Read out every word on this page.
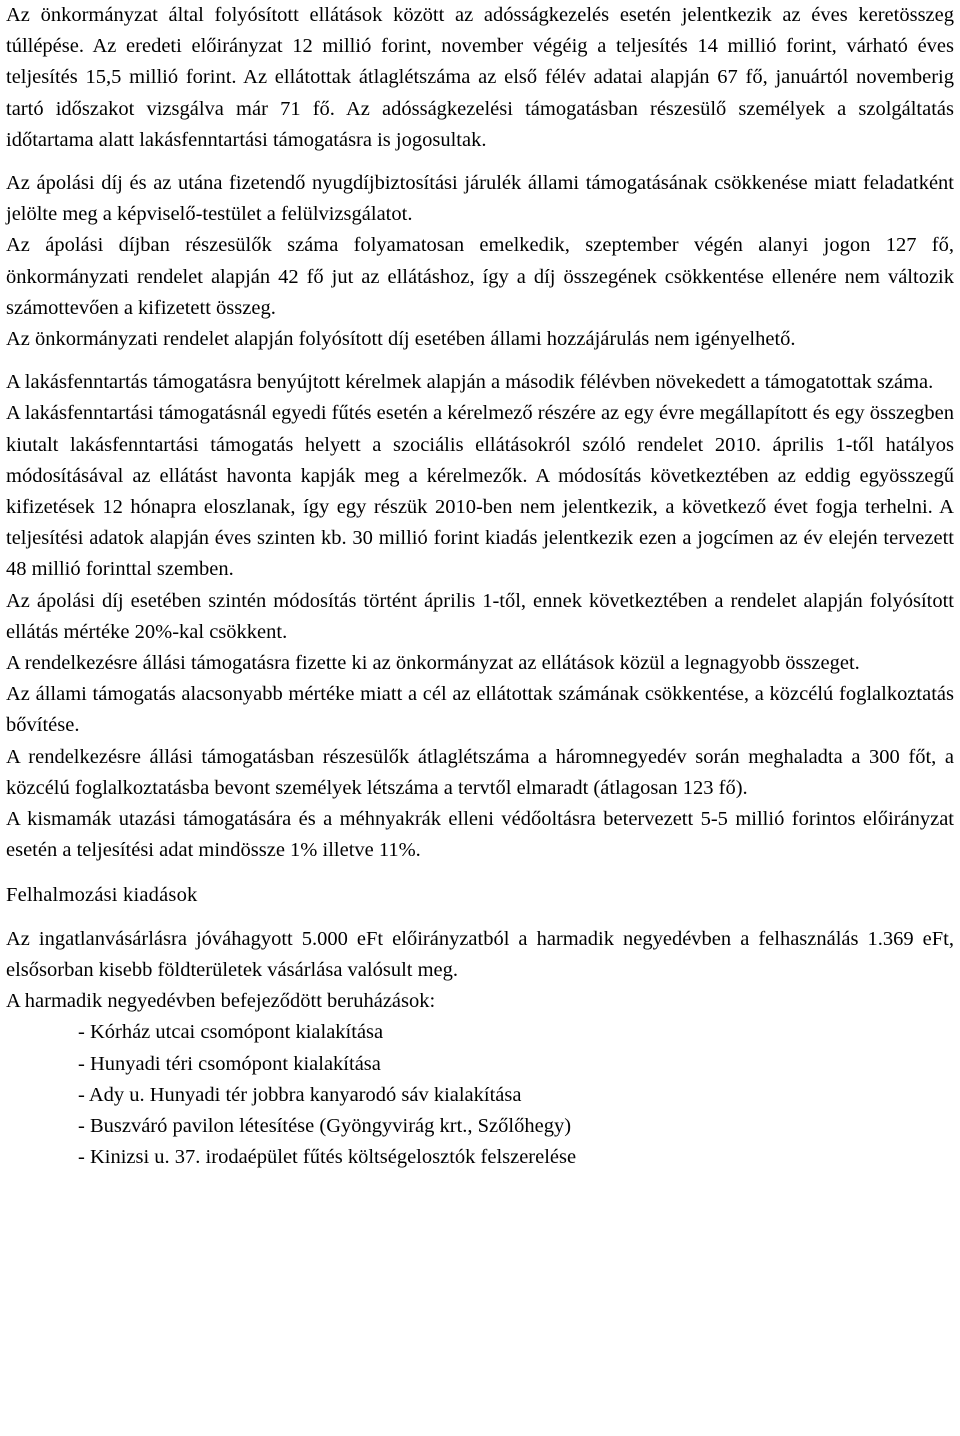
Az önkormányzat által folyósított ellátások között az adósságkezelés esetén jelentkezik az éves keretösszeg túllépése. Az eredeti előirányzat 12 millió forint, november végéig a teljesítés 14 millió forint, várható éves teljesítés 15,5 millió forint. Az ellátottak átlaglétszáma az első félév adatai alapján 67 fő, januártól novemberig tartó időszakot vizsgálva már 71 fő. Az adósságkezelési támogatásban részesülő személyek a szolgáltatás időtartama alatt lakásfenntartási támogatásra is jogosultak.

Az ápolási díj és az utána fizetendő nyugdíjbiztosítási járulék állami támogatásának csökkenése miatt feladatként jelölte meg a képviselő-testület a felülvizsgálatot.

Az ápolási díjban részesülők száma folyamatosan emelkedik, szeptember végén alanyi jogon 127 fő, önkormányzati rendelet alapján 42 fő jut az ellátáshoz, így a díj összegének csökkentése ellenére nem változik számottevően a kifizetett összeg.

Az önkormányzati rendelet alapján folyósított díj esetében állami hozzájárulás nem igényelhető.

A lakásfenntartás támogatásra benyújtott kérelmek alapján a második félévben növekedett a támogatottak száma.

A lakásfenntartási támogatásnál egyedi fűtés esetén a kérelmező részére az egy évre megállapított és egy összegben kiutalt lakásfenntartási támogatás helyett a szociális ellátásokról szóló rendelet 2010. április 1-től hatályos módosításával az ellátást havonta kapják meg a kérelmezők. A módosítás következtében az eddig egyösszegű kifizetések 12 hónapra eloszlanak, így egy részük 2010-ben nem jelentkezik, a következő évet fogja terhelni. A teljesítési adatok alapján éves szinten kb. 30 millió forint kiadás jelentkezik ezen a jogcímen az év elején tervezett 48 millió forinttal szemben.

Az ápolási díj esetében szintén módosítás történt április 1-től, ennek következtében a rendelet alapján folyósított ellátás mértéke 20%-kal csökkent.

A rendelkezésre állási támogatásra fizette ki az önkormányzat az ellátások közül a legnagyobb összeget.

Az állami támogatás alacsonyabb mértéke miatt a cél az ellátottak számának csökkentése, a közcélú foglalkoztatás bővítése.

A rendelkezésre állási támogatásban részesülők átlaglétszáma a háromnegyedév során meghaladta a 300 főt, a közcélú foglalkoztatásba bevont személyek létszáma a tervtől elmaradt (átlagosan 123 fő).

A kismamák utazási támogatására és a méhnyakrák elleni védőoltásra betervezett 5-5 millió forintos előirányzat esetén a teljesítési adat mindössze 1% illetve 11%.

Felhalmozási kiadások

Az ingatlanvásárlásra jóváhagyott 5.000 eFt előirányzatból a harmadik negyedévben a felhasználás 1.369 eFt, elsősorban kisebb földterületek vásárlása valósult meg.

A harmadik negyedévben befejeződött beruházások:

- Kórház utcai csomópont kialakítása
- Hunyadi téri csomópont kialakítása
- Ady u. Hunyadi tér jobbra kanyarodó sáv kialakítása
- Buszváró pavilon létesítése (Gyöngyvirág krt., Szőlőhegy)
- Kinizsi u. 37. irodaépület fűtés költségelosztók felszerelése
